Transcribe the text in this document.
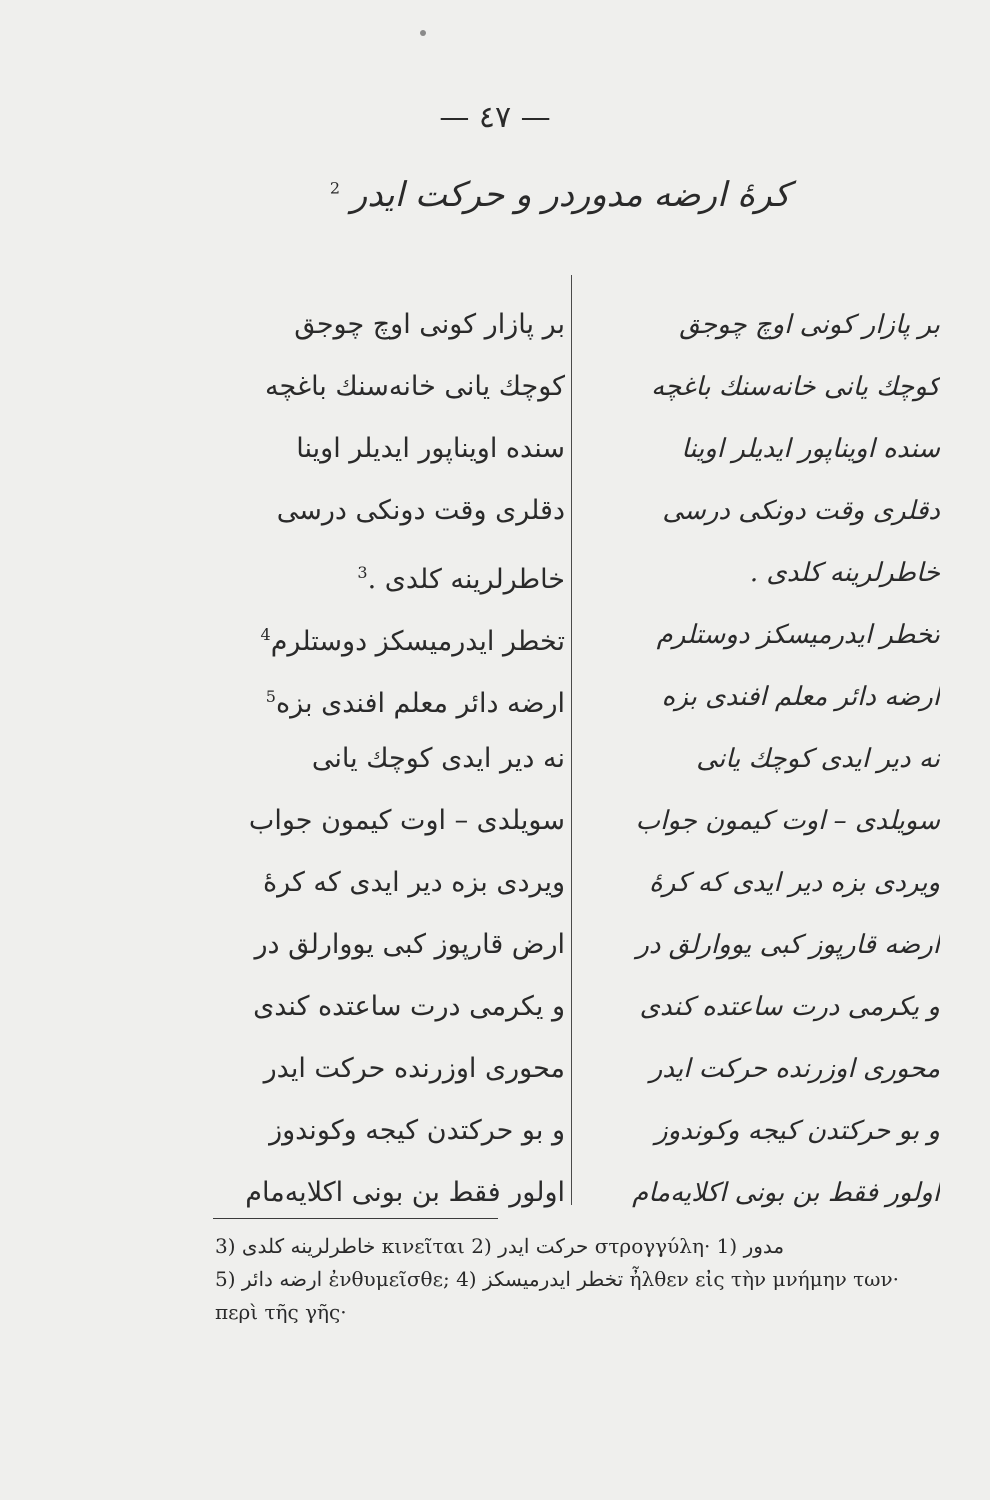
— ٤٧ —
كرهٔ ارضه مدوردر و حركت ايدر $^2$
بر پازار كونى اوچ چوجق
كوچك يانى خانه‌سنك باغچه‌
سنده اويناپور ايديلر اوينا‌
دقلرى وقت دونكى درسى
خاطرلرينه كلدى .$^3$
تخطر ايدرميسكز دوستلرم$^4$
ارضه دائر معلم افندى بزه$^5$
نه دير ايدى كوچك يانى
سويلدى – اوت كيمون جواب
ويردى بزه دير ايدى كه كرهٔ
ارض قارپوز كبى يووارلق در
و يكرمى درت ساعتده كندى
محورى اوزرنده حركت ايدر
و بو حركتدن كيجه وكوندوز
اولور فقط بن بونى اكلايه‌مام
بر پازار كونى اوچ چوجق
كوچك يانى خانه‌سنك باغچه‌
سنده اويناپور ايديلر اوينا‌
دقلرى وقت دونكى درسى
خاطرلرينه كلدى .
تخطر ايدرميسكز دوستلرم
ارضه دائر معلم افندى بزه
نه دير ايدى كوچك يانى
سويلدى – اوت كيمون جواب
ويردى بزه دير ايدى كه كرهٔ
ارضه قارپوز كبى يووارلق در
و يكرمى درت ساعتده كندى
محورى اوزرنده حركت ايدر
و بو حركتدن كيجه وكوندوز
اولور فقط بن بونى اكلايه‌مام
خاطرلرينه كلدى (3 κινεῖται حركت ايدر (2 στρογγύλη· مدور (1
ارضه دائر (5 ἐνθυμεῖσθε; تخطر ايدرميسكز (4 ἦλθεν εἰς τὴν μνήμην των·
περὶ τῆς γῆς·
